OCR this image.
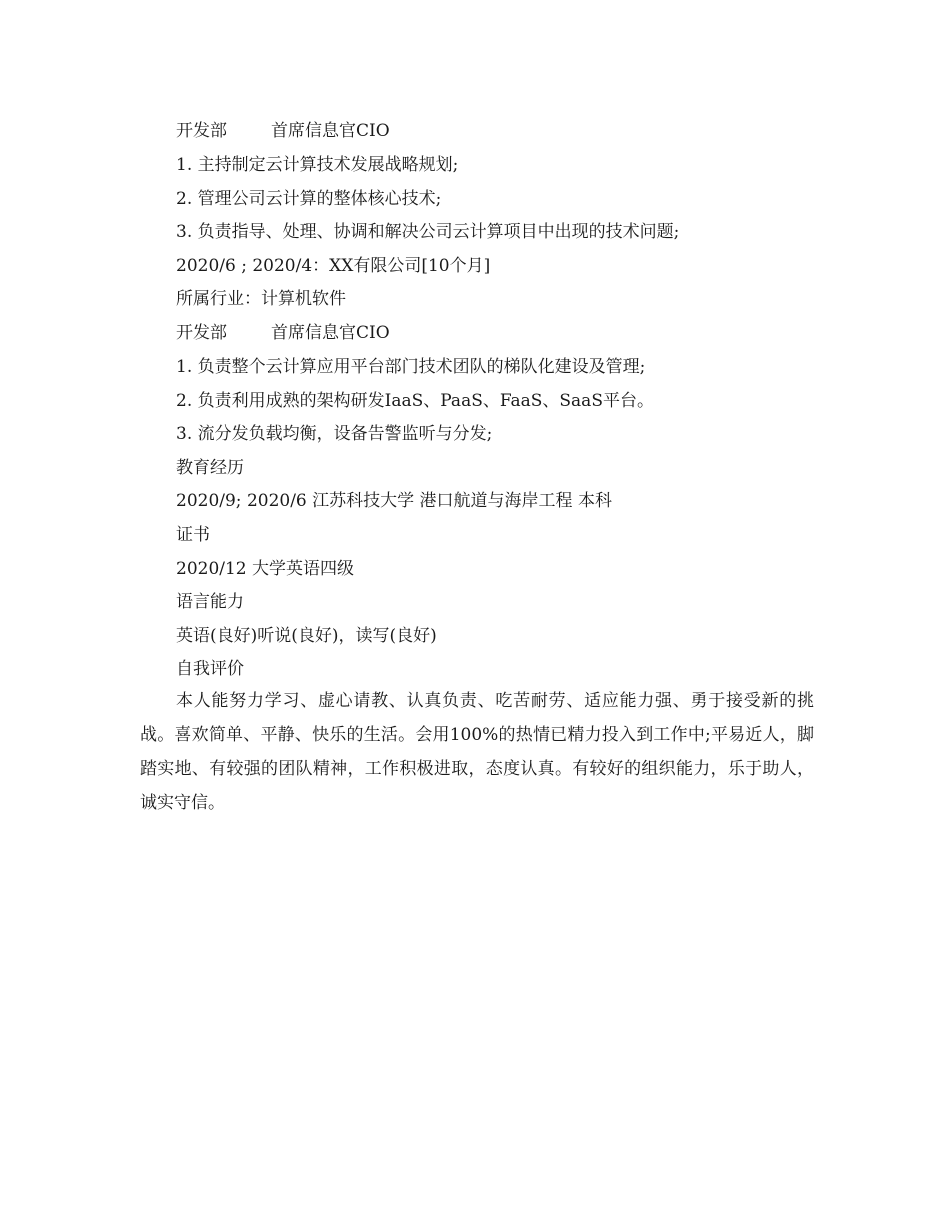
开发部	首席信息官CIO
1. 主持制定云计算技术发展战略规划;
2. 管理公司云计算的整体核心技术;
3. 负责指导、处理、协调和解决公司云计算项目中出现的技术问题;
2020/6 ; 2020/4：XX有限公司[10个月]
所属行业：计算机软件
开发部	首席信息官CIO
1. 负责整个云计算应用平台部门技术团队的梯队化建设及管理;
2. 负责利用成熟的架构研发IaaS、PaaS、FaaS、SaaS平台。
3. 流分发负载均衡，设备告警监听与分发;
教育经历
2020/9; 2020/6 江苏科技大学 港口航道与海岸工程 本科
证书
2020/12 大学英语四级
语言能力
英语(良好)听说(良好)，读写(良好)
自我评价

本人能努力学习、虚心请教、认真负责、吃苦耐劳、适应能力强、勇于接受新的挑战。喜欢简单、平静、快乐的生活。会用100%的热情已精力投入到工作中;平易近人，脚踏实地、有较强的团队精神，工作积极进取，态度认真。有较好的组织能力，乐于助人，诚实守信。
